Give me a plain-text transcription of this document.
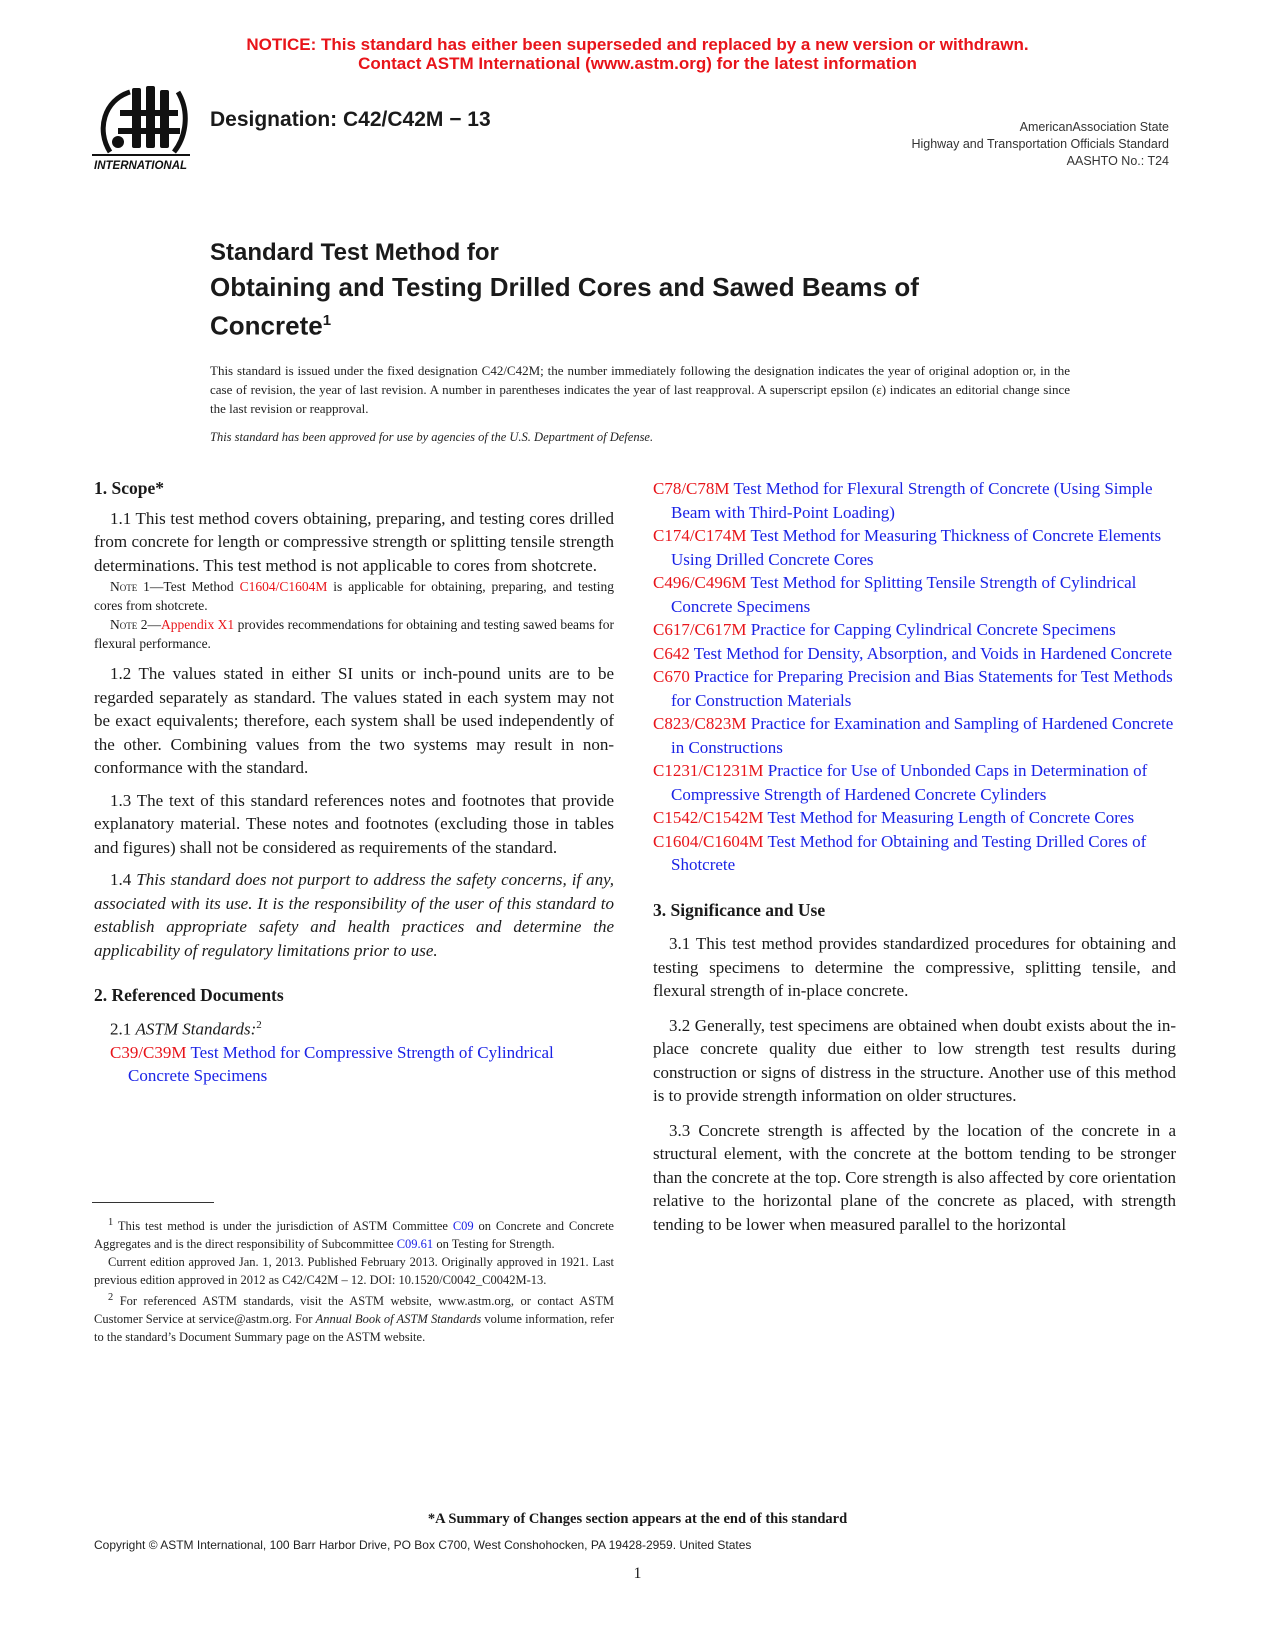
NOTICE: This standard has either been superseded and replaced by a new version or withdrawn.
Contact ASTM International (www.astm.org) for the latest information
INTERNATIONAL
Designation: C42/C42M − 13	AmericanAssociation State
Highway and Transportation Officials Standard
AASHTO No.: T24
Standard Test Method for
Obtaining and Testing Drilled Cores and Sawed Beams of
Concrete$^1$
This standard is issued under the fixed designation C42/C42M; the number immediately following the designation indicates the year of original adoption or, in the case of revision, the year of last revision. A number in parentheses indicates the year of last reapproval. A superscript epsilon (ε) indicates an editorial change since the last revision or reapproval.
This standard has been approved for use by agencies of the U.S. Department of Defense.
1. Scope*
1.1 This test method covers obtaining, preparing, and testing cores drilled from concrete for length or compressive strength or splitting tensile strength determinations. This test method is not applicable to cores from shotcrete.
Note 1—Test Method C1604/C1604M is applicable for obtaining, preparing, and testing cores from shotcrete.
Note 2—Appendix X1 provides recommendations for obtaining and testing sawed beams for flexural performance.
1.2 The values stated in either SI units or inch-pound units are to be regarded separately as standard. The values stated in each system may not be exact equivalents; therefore, each system shall be used independently of the other. Combining values from the two systems may result in non-conformance with the standard.
1.3 The text of this standard references notes and footnotes that provide explanatory material. These notes and footnotes (excluding those in tables and figures) shall not be considered as requirements of the standard.
1.4 This standard does not purport to address the safety concerns, if any, associated with its use. It is the responsibility of the user of this standard to establish appropriate safety and health practices and determine the applicability of regulatory limitations prior to use.
2. Referenced Documents
2.1 ASTM Standards:$^2$
C39/C39M Test Method for Compressive Strength of Cylindrical Concrete Specimens
$^1$ This test method is under the jurisdiction of ASTM Committee C09 on Concrete and Concrete Aggregates and is the direct responsibility of Subcommittee C09.61 on Testing for Strength.
Current edition approved Jan. 1, 2013. Published February 2013. Originally approved in 1921. Last previous edition approved in 2012 as C42/C42M – 12. DOI: 10.1520/C0042_C0042M-13.
$^2$ For referenced ASTM standards, visit the ASTM website, www.astm.org, or contact ASTM Customer Service at service@astm.org. For Annual Book of ASTM Standards volume information, refer to the standard’s Document Summary page on the ASTM website.
C78/C78M Test Method for Flexural Strength of Concrete (Using Simple Beam with Third-Point Loading)
C174/C174M Test Method for Measuring Thickness of Concrete Elements Using Drilled Concrete Cores
C496/C496M Test Method for Splitting Tensile Strength of Cylindrical Concrete Specimens
C617/C617M Practice for Capping Cylindrical Concrete Specimens
C642 Test Method for Density, Absorption, and Voids in Hardened Concrete
C670 Practice for Preparing Precision and Bias Statements for Test Methods for Construction Materials
C823/C823M Practice for Examination and Sampling of Hardened Concrete in Constructions
C1231/C1231M Practice for Use of Unbonded Caps in Determination of Compressive Strength of Hardened Concrete Cylinders
C1542/C1542M Test Method for Measuring Length of Concrete Cores
C1604/C1604M Test Method for Obtaining and Testing Drilled Cores of Shotcrete
3. Significance and Use
3.1 This test method provides standardized procedures for obtaining and testing specimens to determine the compressive, splitting tensile, and flexural strength of in-place concrete.
3.2 Generally, test specimens are obtained when doubt exists about the in-place concrete quality due either to low strength test results during construction or signs of distress in the structure. Another use of this method is to provide strength information on older structures.
3.3 Concrete strength is affected by the location of the concrete in a structural element, with the concrete at the bottom tending to be stronger than the concrete at the top. Core strength is also affected by core orientation relative to the horizontal plane of the concrete as placed, with strength tending to be lower when measured parallel to the horizontal
*A Summary of Changes section appears at the end of this standard
Copyright © ASTM International, 100 Barr Harbor Drive, PO Box C700, West Conshohocken, PA 19428-2959. United States
1
